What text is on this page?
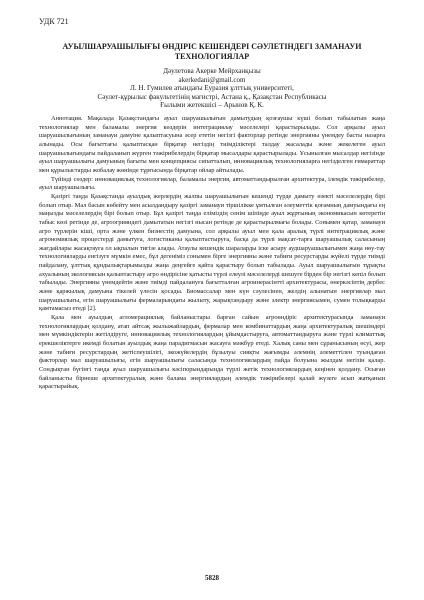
УДК 721

АУЫЛШАРУАШЫЛЫҒЫ ӨНДІРІС КЕШЕНДЕРІ СӘУЛЕТІНДЕГІ ЗАМАНАУИ
ТЕХНОЛОГИЯЛАР

Дәулетова Акерке Мейрханқызы

akerkedani@gmail.com

Л. Н. Гумилев атындағы Еуразия ұлттық университеті,

Сәулет-құрылыс факультетінің магистрі, Астана қ., Қазақстан Республикасы

Ғылыми жетекшісі – Арынов Қ. К.

Аннотация. Мақалада Қазақстандағы ауыл шаруашылығын дамытудың қозғаушы күші болып табылатын жаңа технологиялар мен баламалы энергия көздерін интеграциялау мәселелері қарастырылады. Сол арқылы ауыл шаруашылығының заманауи дамуіне қалыптасуына әсер ететін негізгі факторлар ретінде энергияны үнемдеу басты назарға алынады. Осы бағыттағы қалыптасқан бірқатар негіздің тиімділіктері талдау жасалады және жекелеген ауыл шаруашылығындағы пайдаланып жүрген тәжірибелердің бірқатар мысалдары қарастырылады. Ұсынылған мысалдар негізінде ауыл шаруашылығы дамуының бағыты мен концепциясы сипатталып, инновациялық технологияларға негізделген ғимараттар мен құрылыстарды жобалау жөнінде тұрғысында бірқатар ойлар айтылады.

Түйінді сөздер: инновациялық технологиялар, баламалы энергия, автоматтандырылған архитектура, ілемдік тәжірибелер, ауыл шаруашылығы.

Қазіргі таңда Қазақстанда ауылдық жерлердің жалпы шаруашылығын кешенді түрде дамыту өзекті мәселелердің бірі болып отыр. Мал басын көбейту мен асылдандыру қазіргі заманауи тіршілікке ұмтылған әлеуметтік қоғамның дамуындағы ең маңызды мәселелердің бірі болып отыр. Бұл қазіргі таңда еліміздің сенім шіпіңде ауыл жұртының экономикасын көтеретін табыс көзі ретінде де, агроогрияндегі дамытатын негізгі нысан ретінде де қарастырылмағы болады. Сонымен қатар, заманауи агро түрлерін кіші, орта және үлкен бизнестің дамуына, сол арқылы ауыл мен қала аралық түрлі интеграциялық және агрономиялық процестерді дамытуға, логистиканы қалыптастыруға, басқа да түрлі мақсат-тарға шаруашылық саласының жағдайлары жасақтауға ол ықпалын тигізе алады. Атаулы кешендік шараларды іске асыру аудшаруашылығымен жаңа нөу-тау технологияларды енгізуге мүмкін емес, бұл дегеніміз сонымен бірге энергияны және табиғи ресурстарды жүйелі түрде тиімді пайдалану, ұлттық құндылықтарымызды жаңа деңгейге қайта қарастыру болып табылады. Ауыл шаруашылығын тұрақты ахуалының экологиясын қалыптастыру агро өндірісіне қатысты түрлі елеулі мәселелерді шешуге бірден бір негізгі кепіл болып табылады. Энергияны үнемдейтін және тиімді пайдалануға бағытталған агроинерасінтті архитектурасы, өнеркәсіптің дербес және қаржылық дамуына тікелей үлесін қосады. Биомассалар мен күн сәулесінен, желдің алынатын энергиялар мал шаруашылығы, егін шаруашылығы фермаларындағы жылыту, жарықтандыру және электр энергиясымен, сумен толықкарды қамтамасыз етеді [2].

Қала мен ауылдың агломерациялық байланыстары барған сайын агроөндіріс архитектурасында заманауи технологиялардың қолдану, атап айтсақ жылыжайлардың, фермалар мен комбинаттардың жаңа архитектуралық шешімдері мен мүмкіндіктерін жетілдіруге, инновациялық технологиялардың ұйымдастыруға, автоматтандыруға және түрлі климаттық ерекшеліктерге икемді болатын ауылдық жаңа парадигмасын жасауға мәжбүр етеді. Халық саны мен сұранысының өсуі, жер және табиғи ресурстардың жетіспеушілігі, экожүйелердің бұзылуы сияқты жағымды әлемнің әлеметтілен туындаған факторлар мал шаруашылығы, егін шаруашылығы саласында технологиялардың пайда болуына жылдам негізін қалар. Сондықтан бүгінгі таңда ауыл шаруашылығы кәсіпорындарында түрлі жетік технологиялардың кеңінен қолдану. Осыған байланысты бірнеше архитектуралық және балама энергиялардың әлемдік тәжірибелері қалай жүзеге асып жатқанын қарастырайық.

5828
